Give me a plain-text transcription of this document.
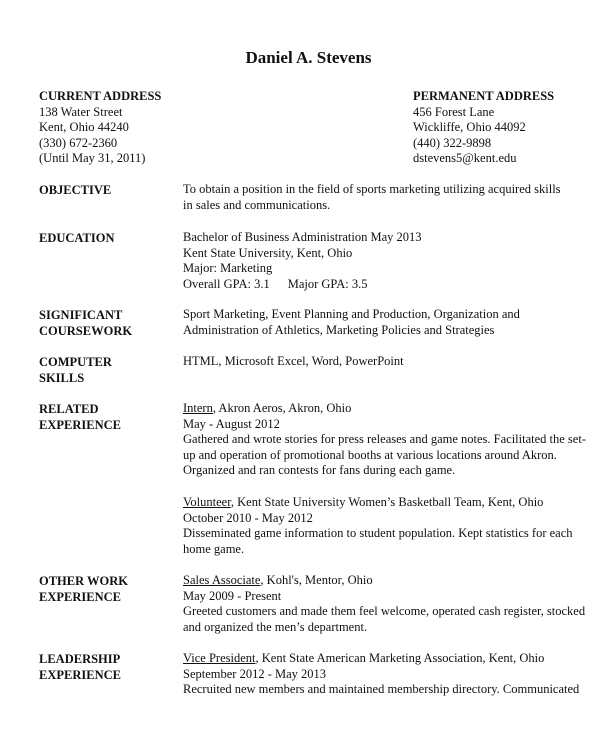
Daniel A. Stevens
CURRENT ADDRESS
138 Water Street
Kent, Ohio 44240
(330) 672-2360
(Until May 31, 2011)
PERMANENT ADDRESS
456 Forest Lane
Wickliffe, Ohio 44092
(440) 322-9898
dstevens5@kent.edu
OBJECTIVE	To obtain a position in the field of sports marketing utilizing acquired skills
in sales and communications.
EDUCATION	Bachelor of Business Administration May 2013
Kent State University, Kent, Ohio
Major: Marketing
Overall GPA: 3.1 Major GPA: 3.5
SIGNIFICANT
COURSEWORK
Sport Marketing, Event Planning and Production, Organization and
Administration of Athletics, Marketing Policies and Strategies
COMPUTER
SKILLS
HTML, Microsoft Excel, Word, PowerPoint
RELATED
EXPERIENCE
Intern, Akron Aeros, Akron, Ohio
May - August 2012
Gathered and wrote stories for press releases and game notes. Facilitated the set-
up and operation of promotional booths at various locations around Akron.
Organized and ran contests for fans during each game.
Volunteer, Kent State University Women’s Basketball Team, Kent, Ohio
October 2010 - May 2012
Disseminated game information to student population. Kept statistics for each
home game.
OTHER WORK
EXPERIENCE
Sales Associate, Kohl's, Mentor, Ohio
May 2009 - Present
Greeted customers and made them feel welcome, operated cash register, stocked
and organized the men’s department.
LEADERSHIP
EXPERIENCE
Vice President, Kent State American Marketing Association, Kent, Ohio
September 2012 - May 2013
Recruited new members and maintained membership directory. Communicated
